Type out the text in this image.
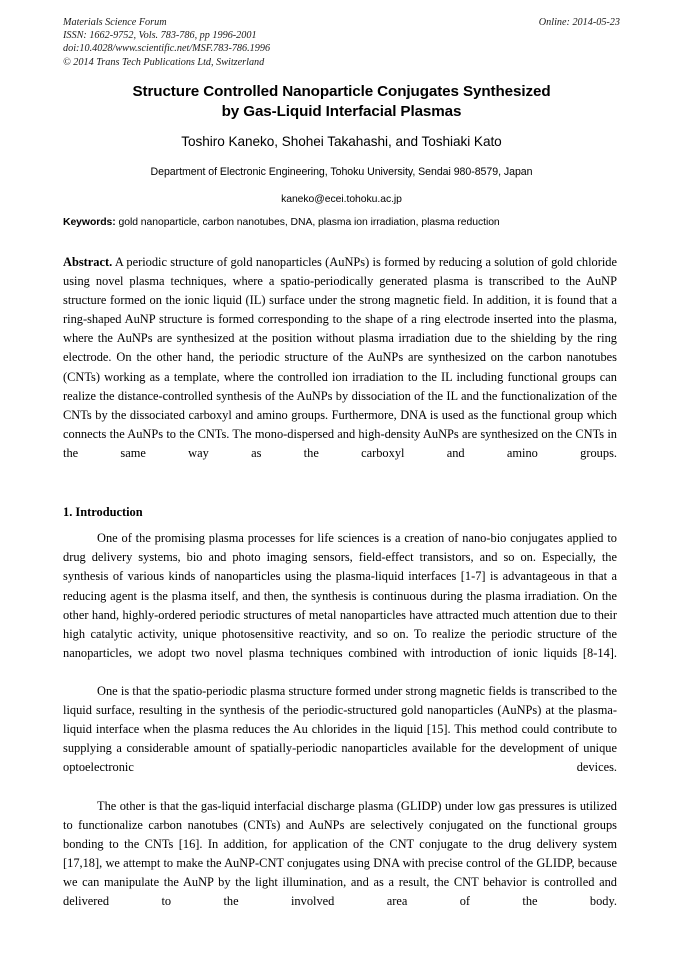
Materials Science Forum
ISSN: 1662-9752, Vols. 783-786, pp 1996-2001
doi:10.4028/www.scientific.net/MSF.783-786.1996
© 2014 Trans Tech Publications Ltd, Switzerland
Online: 2014-05-23
Structure Controlled Nanoparticle Conjugates Synthesized
by Gas-Liquid Interfacial Plasmas
Toshiro Kaneko, Shohei Takahashi, and Toshiaki Kato
Department of Electronic Engineering, Tohoku University, Sendai 980-8579, Japan
kaneko@ecei.tohoku.ac.jp
Keywords: gold nanoparticle, carbon nanotubes, DNA, plasma ion irradiation, plasma reduction

Abstract. A periodic structure of gold nanoparticles (AuNPs) is formed by reducing a solution of gold chloride using novel plasma techniques, where a spatio-periodically generated plasma is transcribed to the AuNP structure formed on the ionic liquid (IL) surface under the strong magnetic field. In addition, it is found that a ring-shaped AuNP structure is formed corresponding to the shape of a ring electrode inserted into the plasma, where the AuNPs are synthesized at the position without plasma irradiation due to the shielding by the ring electrode. On the other hand, the periodic structure of the AuNPs are synthesized on the carbon nanotubes (CNTs) working as a template, where the controlled ion irradiation to the IL including functional groups can realize the distance-controlled synthesis of the AuNPs by dissociation of the IL and the functionalization of the CNTs by the dissociated carboxyl and amino groups. Furthermore, DNA is used as the functional group which connects the AuNPs to the CNTs. The mono-dispersed and high-density AuNPs are synthesized on the CNTs in the same way as the carboxyl and amino groups.

1. Introduction

One of the promising plasma processes for life sciences is a creation of nano-bio conjugates applied to drug delivery systems, bio and photo imaging sensors, field-effect transistors, and so on. Especially, the synthesis of various kinds of nanoparticles using the plasma-liquid interfaces [1-7] is advantageous in that a reducing agent is the plasma itself, and then, the synthesis is continuous during the plasma irradiation. On the other hand, highly-ordered periodic structures of metal nanoparticles have attracted much attention due to their high catalytic activity, unique photosensitive reactivity, and so on. To realize the periodic structure of the nanoparticles, we adopt two novel plasma techniques combined with introduction of ionic liquids [8-14].

One is that the spatio-periodic plasma structure formed under strong magnetic fields is transcribed to the liquid surface, resulting in the synthesis of the periodic-structured gold nanoparticles (AuNPs) at the plasma-liquid interface when the plasma reduces the Au chlorides in the liquid [15]. This method could contribute to supplying a considerable amount of spatially-periodic nanoparticles available for the development of unique optoelectronic devices.

The other is that the gas-liquid interfacial discharge plasma (GLIDP) under low gas pressures is utilized to functionalize carbon nanotubes (CNTs) and AuNPs are selectively conjugated on the functional groups bonding to the CNTs [16]. In addition, for application of the CNT conjugate to the drug delivery system [17,18], we attempt to make the AuNP-CNT conjugates using DNA with precise control of the GLIDP, because we can manipulate the AuNP by the light illumination, and as a result, the CNT behavior is controlled and delivered to the involved area of the body.
